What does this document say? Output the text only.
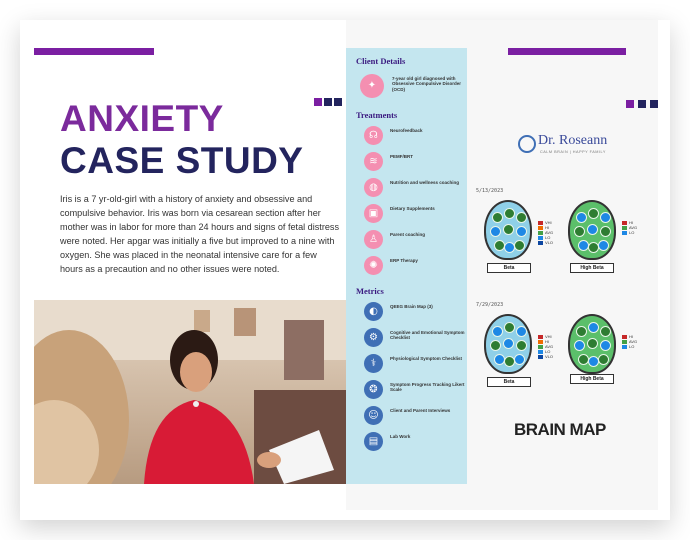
ANXIETY
CASE STUDY
Iris is a 7 yr-old-girl with a history of anxiety and obsessive and compulsive behavior. Iris was born via cesarean section after her mother was in labor for more than 24 hours and signs of fetal distress were noted. Her apgar was initially a five but improved to a nine with oxygen. She was placed in the neonatal intensive care for a few hours as a precaution and no other issues were noted.
Client Details
✦
7-year old girl diagnosed with Obsessive Compulsive Disorder (OCD)
Treatments
☊	Neurofeedback
≋	PEMF/BRT
◍	Nutrition and wellness coaching
▣	Dietary Supplements
♙	Parent coaching
✺	ERP Therapy
Metrics
◐	QEEG Brain Map (3)
⚙	Cognitive and Emotional Symptom Checklist
⚕	Physiological Symptom Checklist
❂	Symptom Progress Tracking Likert Scale
☺	Client and Parent Interviews
▤	Lab Work
Dr. Roseann
CALM BRAIN | HAPPY FAMILY
5/13/2023
VHI
HI
AVG
LO
VLO
HI
AVG
LO
Beta	High Beta
7/29/2023
VHI
HI
AVG
LO
VLO
HI
AVG
LO
Beta	High Beta
BRAIN MAP
